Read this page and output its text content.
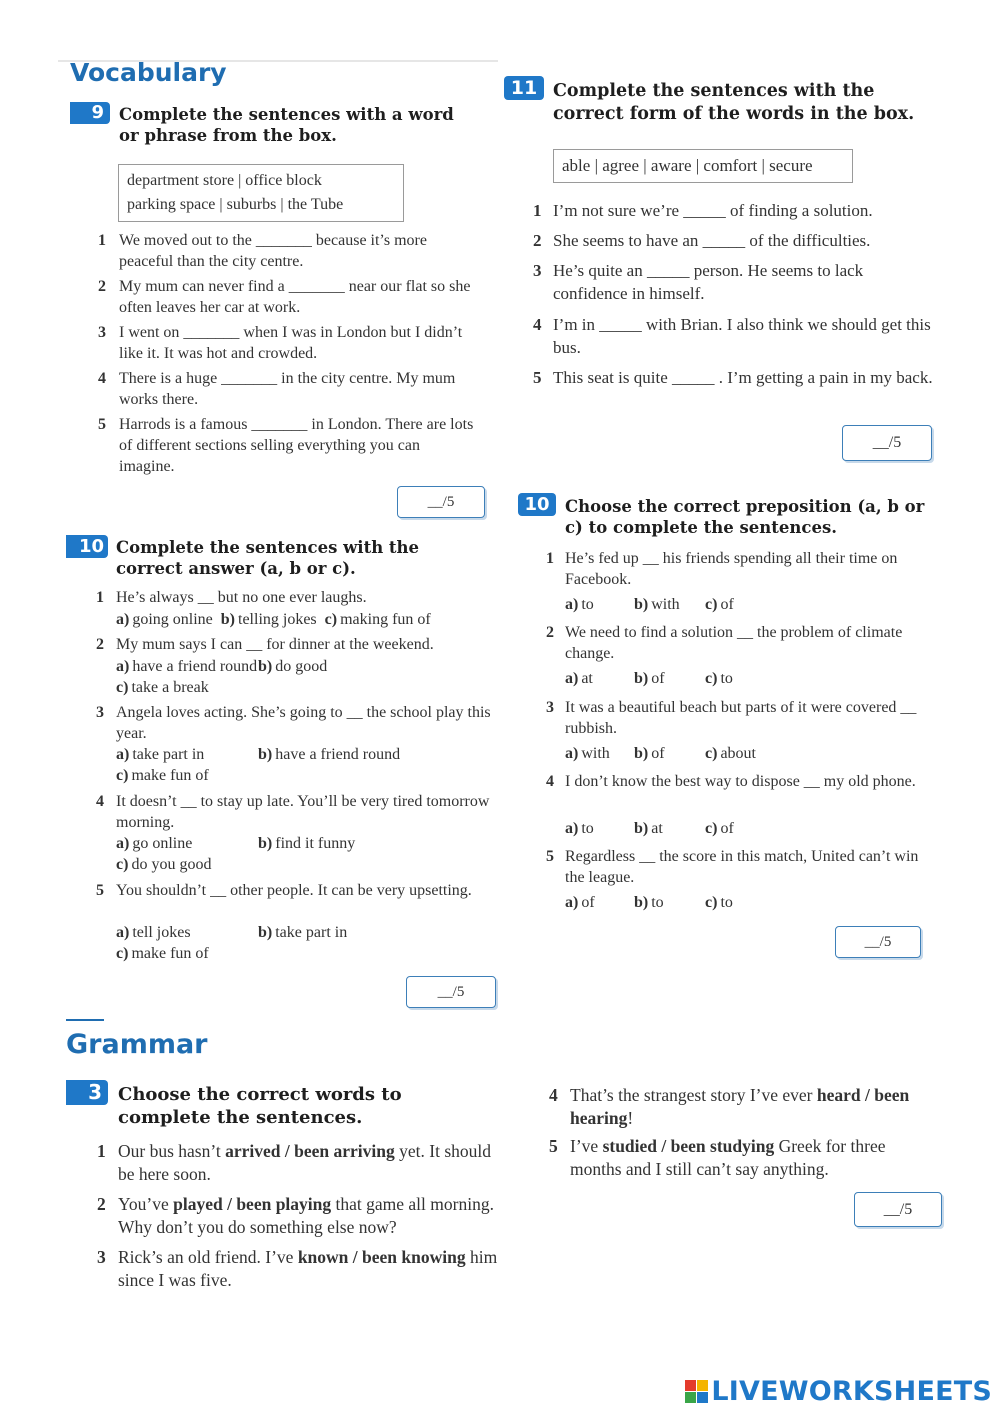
Vocabulary
9 Complete the sentences with a word or phrase from the box.
department store | office block
parking space | suburbs | the Tube
1 We moved out to the _______ because it’s more peaceful than the city centre.
2 My mum can never find a _______ near our flat so she often leaves her car at work.
3 I went on _______ when I was in London but I didn’t like it. It was hot and crowded.
4 There is a huge _______ in the city centre. My mum works there.
5 Harrods is a famous _______ in London. There are lots of different sections selling everything you can imagine.
__/5
10 Complete the sentences with the correct answer (a, b or c).
1 He’s always __ but no one ever laughs.
a) going online b) telling jokes c) making fun of
2 My mum says I can __ for dinner at the weekend.
a) have a friend round b) do good
c) take a break
3 Angela loves acting. She’s going to __ the school play this year.
a) take part in	b) have a friend round
c) make fun of
4 It doesn’t __ to stay up late. You’ll be very tired tomorrow morning.
a) go online	b) find it funny
c) do you good
5 You shouldn’t __ other people. It can be very upsetting.
a) tell jokes	b) take part in
c) make fun of
__/5
11 Complete the sentences with the correct form of the words in the box.
able | agree | aware | comfort | secure
1 I’m not sure we’re _____ of finding a solution.
2 She seems to have an _____ of the difficulties.
3 He’s quite an _____ person. He seems to lack confidence in himself.
4 I’m in _____ with Brian. I also think we should get this bus.
5 This seat is quite _____ . I’m getting a pain in my back.
__/5
10 Choose the correct preposition (a, b or c) to complete the sentences.
1 He’s fed up __ his friends spending all their time on Facebook.
a) to	b) with c) of
2 We need to find a solution __ the problem of climate change.
a) at	b) of	c) to
3 It was a beautiful beach but parts of it were covered __ rubbish.
a) with b) of	c) about
4 I don’t know the best way to dispose __ my old phone.
a) to	b) at	c) of
5 Regardless __ the score in this match, United can’t win the league.
a) of b) to	c) to
__/5
Grammar
3 Choose the correct words to complete the sentences.
1 Our bus hasn’t arrived / been arriving yet. It should be here soon.
2 You’ve played / been playing that game all morning. Why don’t you do something else now?
3 Rick’s an old friend. I’ve known / been knowing him since I was five.
4 That’s the strangest story I’ve ever heard / been hearing!
5 I’ve studied / been studying Greek for three months and I still can’t say anything.
__/5
LIVEWORKSHEETS
